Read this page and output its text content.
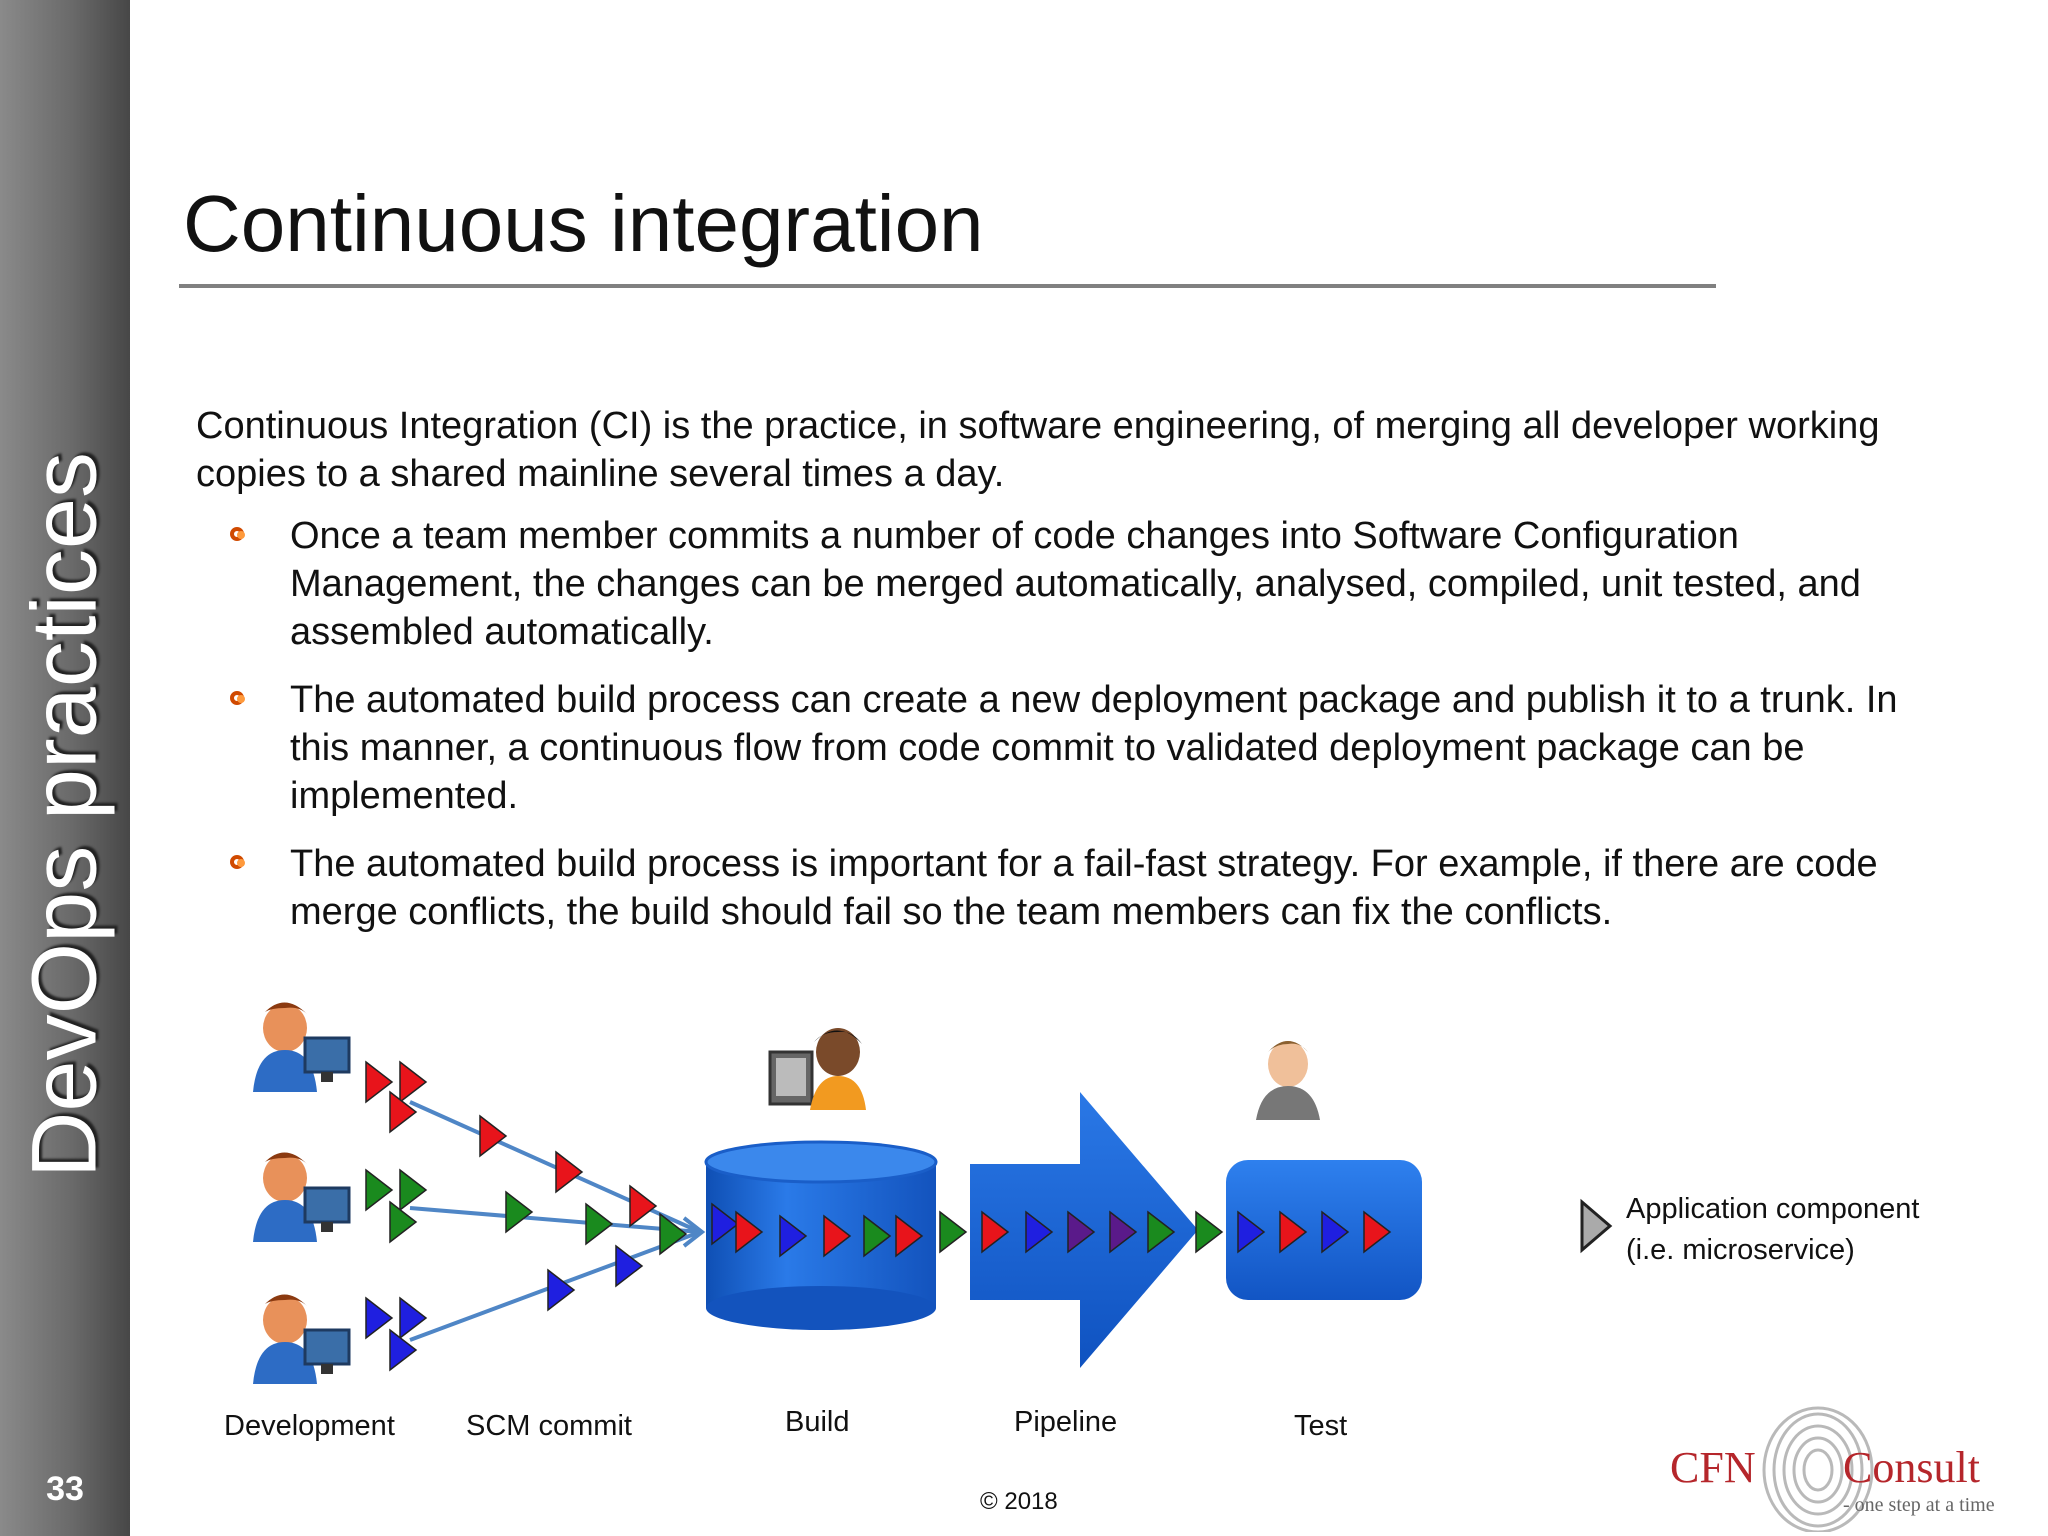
DevOps practices
33
Continuous integration
Continuous Integration (CI) is the practice, in software engineering, of merging all developer working copies to a shared mainline several times a day.
Once a team member commits a number of code changes into Software Configuration Management, the changes can be merged automatically, analysed, compiled, unit tested, and assembled automatically.
The automated build process can create a new deployment package and publish it to a trunk. In this manner, a continuous flow from code commit to validated deployment package can be implemented.
The automated build process is important for a fail-fast strategy. For example, if there are code merge conflicts, the build should fail so the team members can fix the conflicts.
Development SCM commit	Build	Pipeline	Test
Application component
(i.e. microservice)
© 2018
CFN Consult
- one step at a time
